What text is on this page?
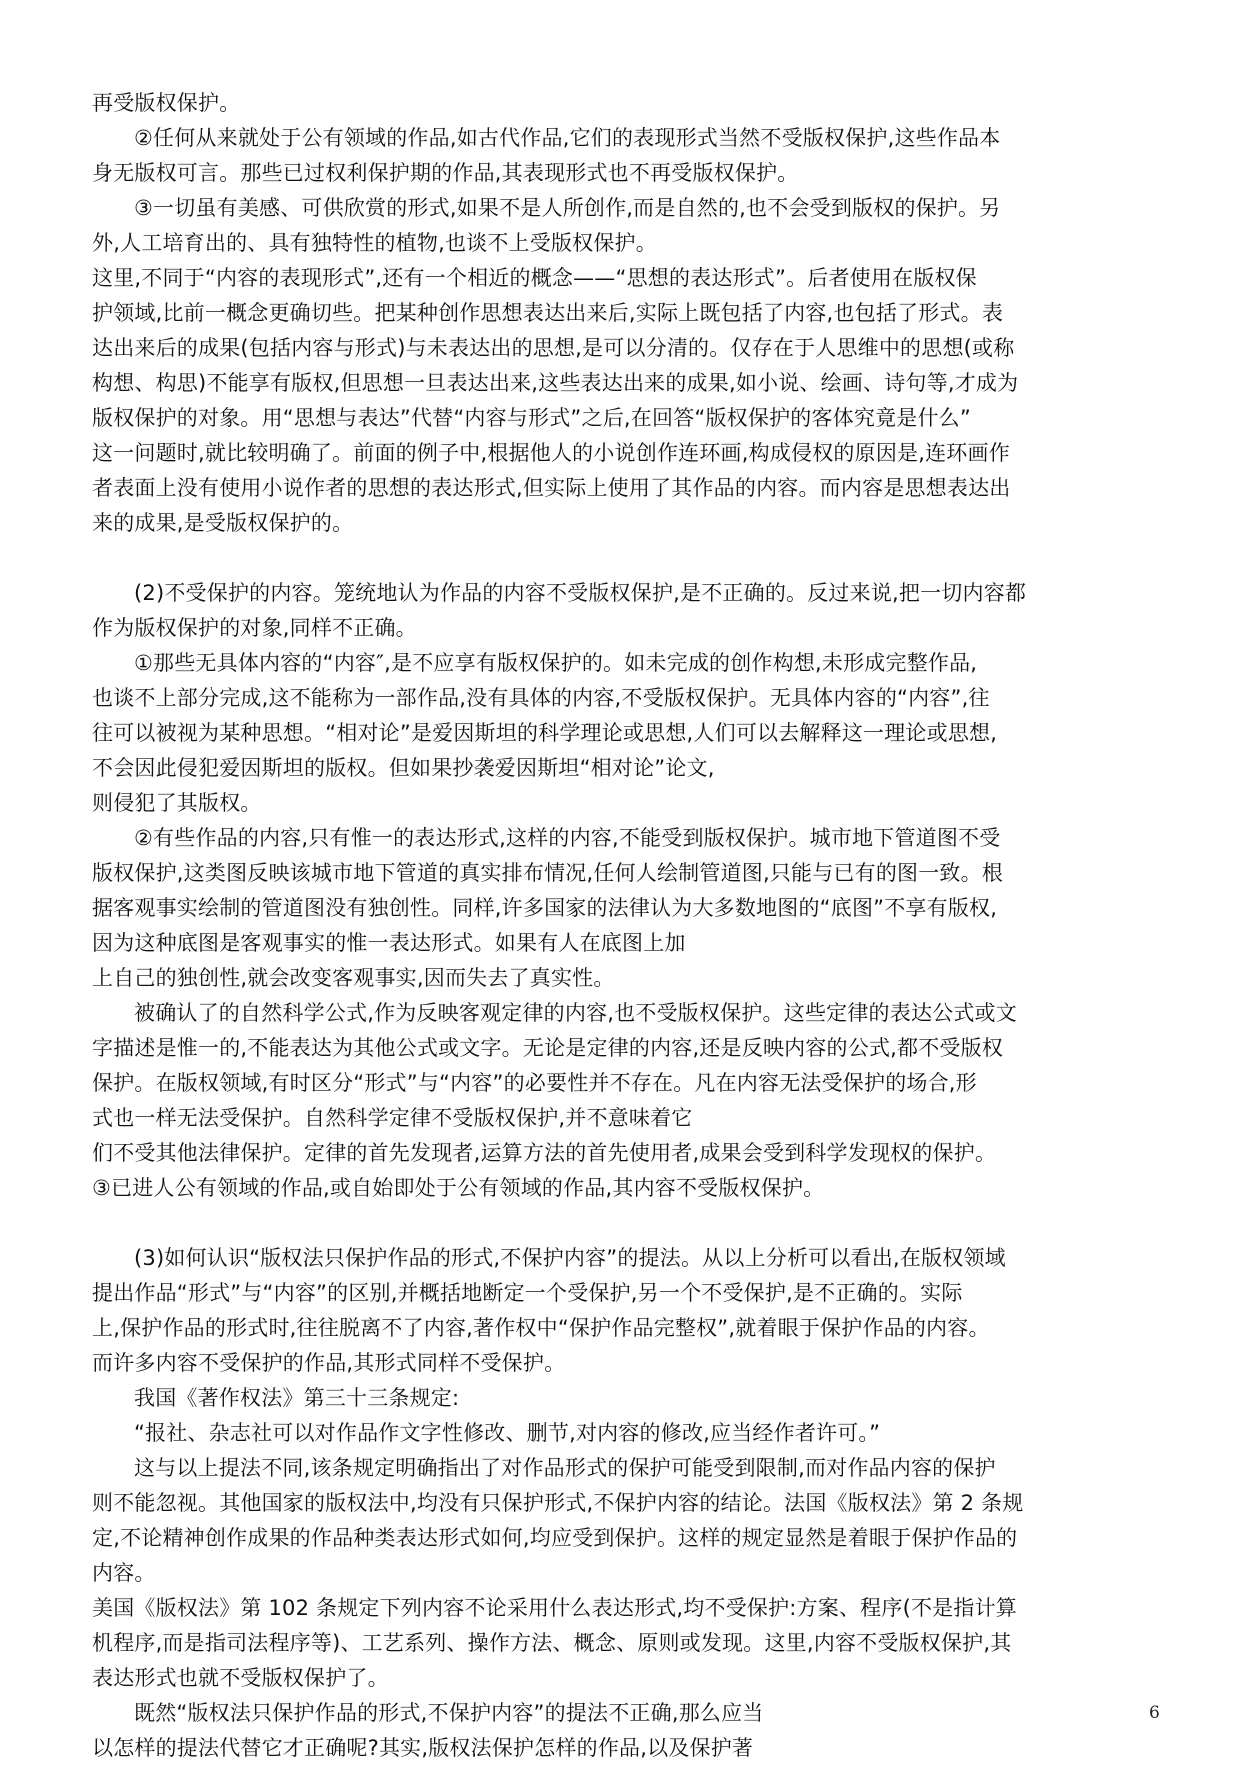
再受版权保护。
②任何从来就处于公有领域的作品,如古代作品,它们的表现形式当然不受版权保护,这些作品本
身无版权可言。那些已过权利保护期的作品,其表现形式也不再受版权保护。
③一切虽有美感、可供欣赏的形式,如果不是人所创作,而是自然的,也不会受到版权的保护。另
外,人工培育出的、具有独特性的植物,也谈不上受版权保护。
这里,不同于“内容的表现形式”,还有一个相近的概念——“思想的表达形式”。后者使用在版权保
护领域,比前一概念更确切些。把某种创作思想表达出来后,实际上既包括了内容,也包括了形式。表
达出来后的成果(包括内容与形式)与未表达出的思想,是可以分清的。仅存在于人思维中的思想(或称
构想、构思)不能享有版权,但思想一旦表达出来,这些表达出来的成果,如小说、绘画、诗句等,才成为
版权保护的对象。用“思想与表达”代替“内容与形式”之后,在回答“版权保护的客体究竟是什么”
这一问题时,就比较明确了。前面的例子中,根据他人的小说创作连环画,构成侵权的原因是,连环画作
者表面上没有使用小说作者的思想的表达形式,但实际上使用了其作品的内容。而内容是思想表达出
来的成果,是受版权保护的。
(2)不受保护的内容。笼统地认为作品的内容不受版权保护,是不正确的。反过来说,把一切内容都
作为版权保护的对象,同样不正确。
①那些无具体内容的“内容″,是不应享有版权保护的。如未完成的创作构想,未形成完整作品,
也谈不上部分完成,这不能称为一部作品,没有具体的内容,不受版权保护。无具体内容的“内容”,往
往可以被视为某种思想。“相对论”是爱因斯坦的科学理论或思想,人们可以去解释这一理论或思想,
不会因此侵犯爱因斯坦的版权。但如果抄袭爱因斯坦“相对论”论文,
则侵犯了其版权。
②有些作品的内容,只有惟一的表达形式,这样的内容,不能受到版权保护。城市地下管道图不受
版权保护,这类图反映该城市地下管道的真实排布情况,任何人绘制管道图,只能与已有的图一致。根
据客观事实绘制的管道图没有独创性。同样,许多国家的法律认为大多数地图的“底图”不享有版权,
因为这种底图是客观事实的惟一表达形式。如果有人在底图上加
上自己的独创性,就会改变客观事实,因而失去了真实性。
被确认了的自然科学公式,作为反映客观定律的内容,也不受版权保护。这些定律的表达公式或文
字描述是惟一的,不能表达为其他公式或文字。无论是定律的内容,还是反映内容的公式,都不受版权
保护。在版权领域,有时区分“形式”与“内容”的必要性并不存在。凡在内容无法受保护的场合,形
式也一样无法受保护。自然科学定律不受版权保护,并不意味着它
们不受其他法律保护。定律的首先发现者,运算方法的首先使用者,成果会受到科学发现权的保护。
③已进人公有领域的作品,或自始即处于公有领域的作品,其内容不受版权保护。
(3)如何认识“版权法只保护作品的形式,不保护内容”的提法。从以上分析可以看出,在版权领域
提出作品“形式”与“内容”的区别,并概括地断定一个受保护,另一个不受保护,是不正确的。实际
上,保护作品的形式时,往往脱离不了内容,著作权中“保护作品完整权”,就着眼于保护作品的内容。
而许多内容不受保护的作品,其形式同样不受保护。
我国《著作权法》第三十三条规定:
“报社、杂志社可以对作品作文字性修改、删节,对内容的修改,应当经作者许可。”
这与以上提法不同,该条规定明确指出了对作品形式的保护可能受到限制,而对作品内容的保护
则不能忽视。其他国家的版权法中,均没有只保护形式,不保护内容的结论。法国《版权法》第 2 条规
定,不论精神创作成果的作品种类表达形式如何,均应受到保护。这样的规定显然是着眼于保护作品的
内容。
美国《版权法》第 102 条规定下列内容不论采用什么表达形式,均不受保护:方案、程序(不是指计算
机程序,而是指司法程序等)、工艺系列、操作方法、概念、原则或发现。这里,内容不受版权保护,其
表达形式也就不受版权保护了。
既然“版权法只保护作品的形式,不保护内容”的提法不正确,那么应当
以怎样的提法代替它才正确呢?其实,版权法保护怎样的作品,以及保护著
6
